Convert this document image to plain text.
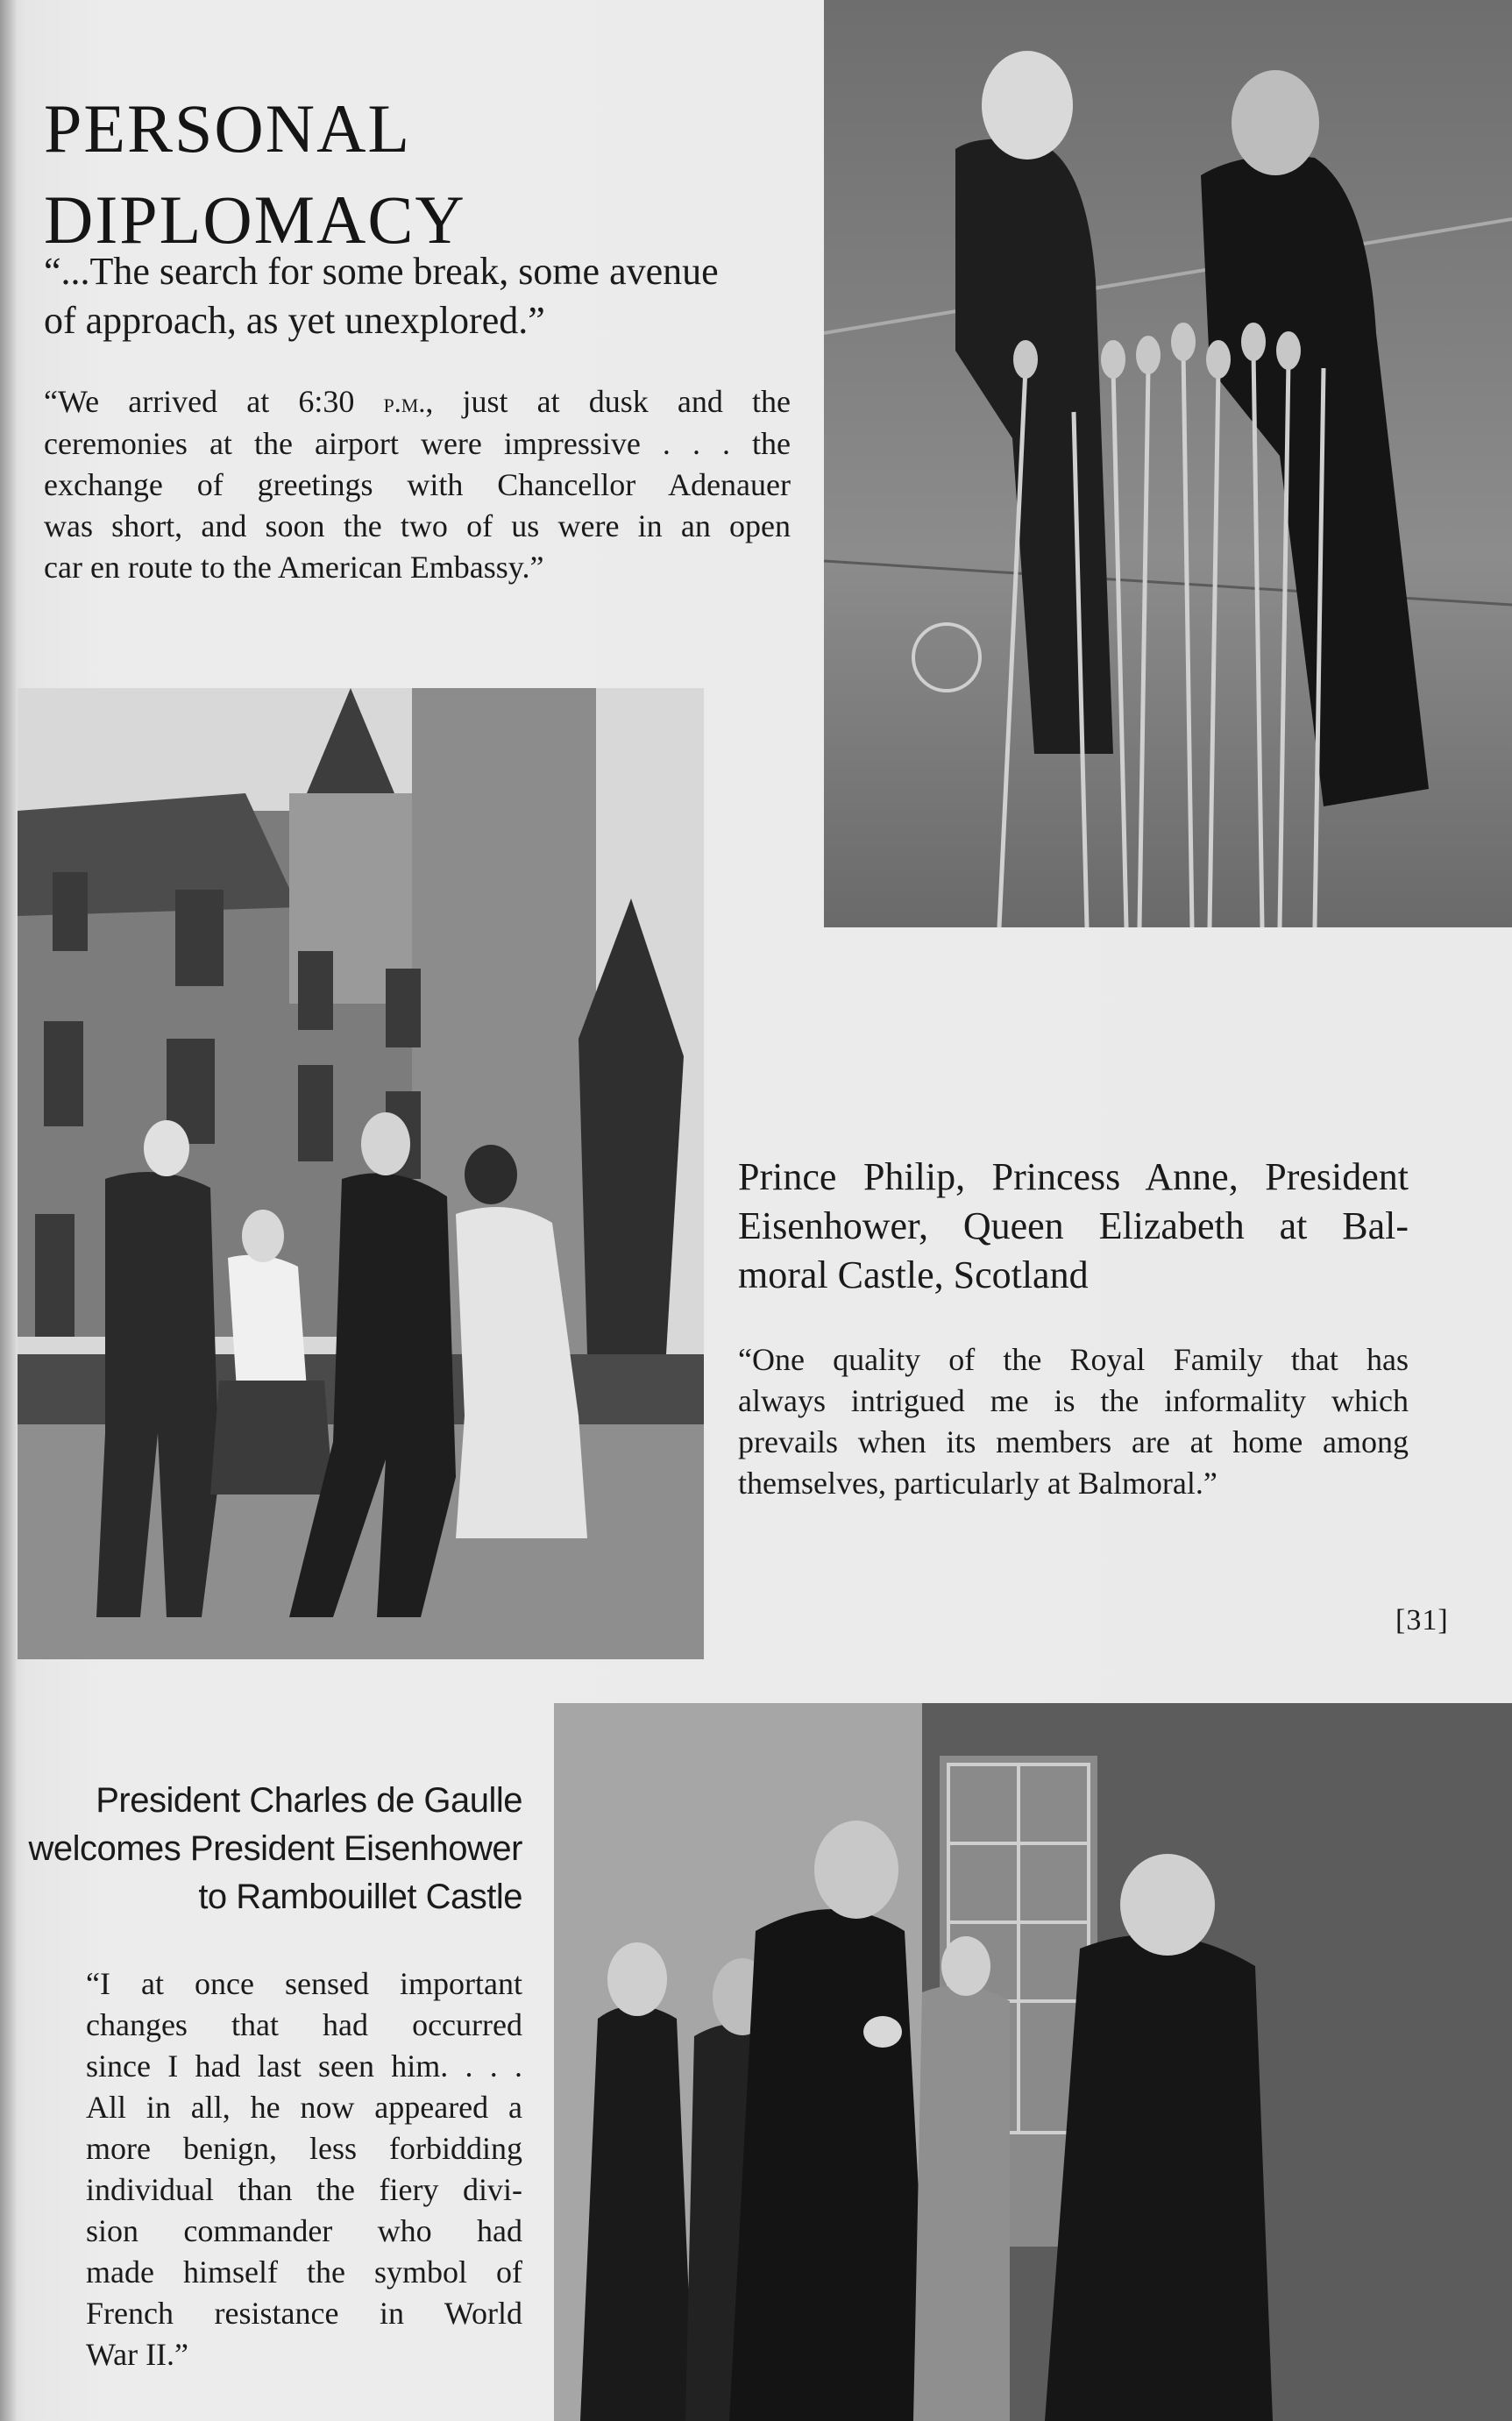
PERSONAL
DIPLOMACY
“...The search for some break, some avenue
of approach, as yet unexplored.”
“We arrived at 6:30 p.m., just at dusk and the
ceremonies at the airport were impressive . . . the
exchange of greetings with Chancellor Adenauer
was short, and soon the two of us were in an open
car en route to the American Embassy.”
Prince Philip, Princess Anne, President
Eisenhower, Queen Elizabeth at Bal-
moral Castle, Scotland
“One quality of the Royal Family that has
always intrigued me is the informality which
prevails when its members are at home among
themselves, particularly at Balmoral.”
[31]
President Charles de Gaulle
welcomes President Eisenhower
to Rambouillet Castle
“I at once sensed important
changes that had occurred
since I had last seen him. . . .
All in all, he now appeared a
more benign, less forbidding
individual than the fiery divi-
sion commander who had
made himself the symbol of
French resistance in World
War II.”
